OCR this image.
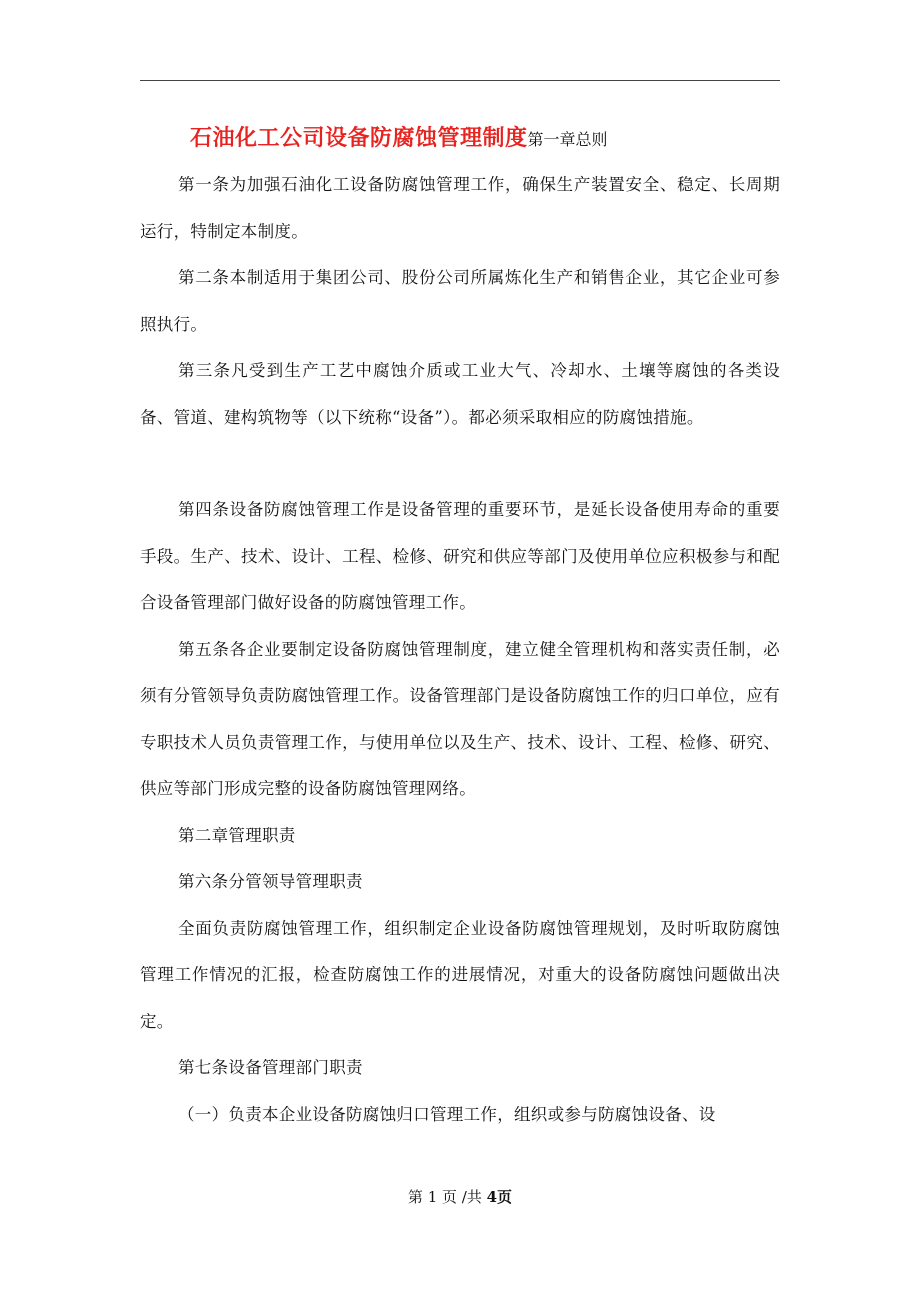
石油化工公司设备防腐蚀管理制度第一章总则

第一条为加强石油化工设备防腐蚀管理工作，确保生产装置安全、稳定、长周期运行，特制定本制度。

第二条本制适用于集团公司、股份公司所属炼化生产和销售企业，其它企业可参照执行。

第三条凡受到生产工艺中腐蚀介质或工业大气、冷却水、土壤等腐蚀的各类设备、管道、建构筑物等（以下统称“设备”）。都必须采取相应的防腐蚀措施。

第四条设备防腐蚀管理工作是设备管理的重要环节，是延长设备使用寿命的重要手段。生产、技术、设计、工程、检修、研究和供应等部门及使用单位应积极参与和配合设备管理部门做好设备的防腐蚀管理工作。

第五条各企业要制定设备防腐蚀管理制度，建立健全管理机构和落实责任制，必须有分管领导负责防腐蚀管理工作。设备管理部门是设备防腐蚀工作的归口单位，应有专职技术人员负责管理工作，与使用单位以及生产、技术、设计、工程、检修、研究、供应等部门形成完整的设备防腐蚀管理网络。

第二章管理职责

第六条分管领导管理职责

全面负责防腐蚀管理工作，组织制定企业设备防腐蚀管理规划，及时听取防腐蚀管理工作情况的汇报，检查防腐蚀工作的进展情况，对重大的设备防腐蚀问题做出决定。

第七条设备管理部门职责

（一）负责本企业设备防腐蚀归口管理工作，组织或参与防腐蚀设备、设

第 1 页 /共 4页
